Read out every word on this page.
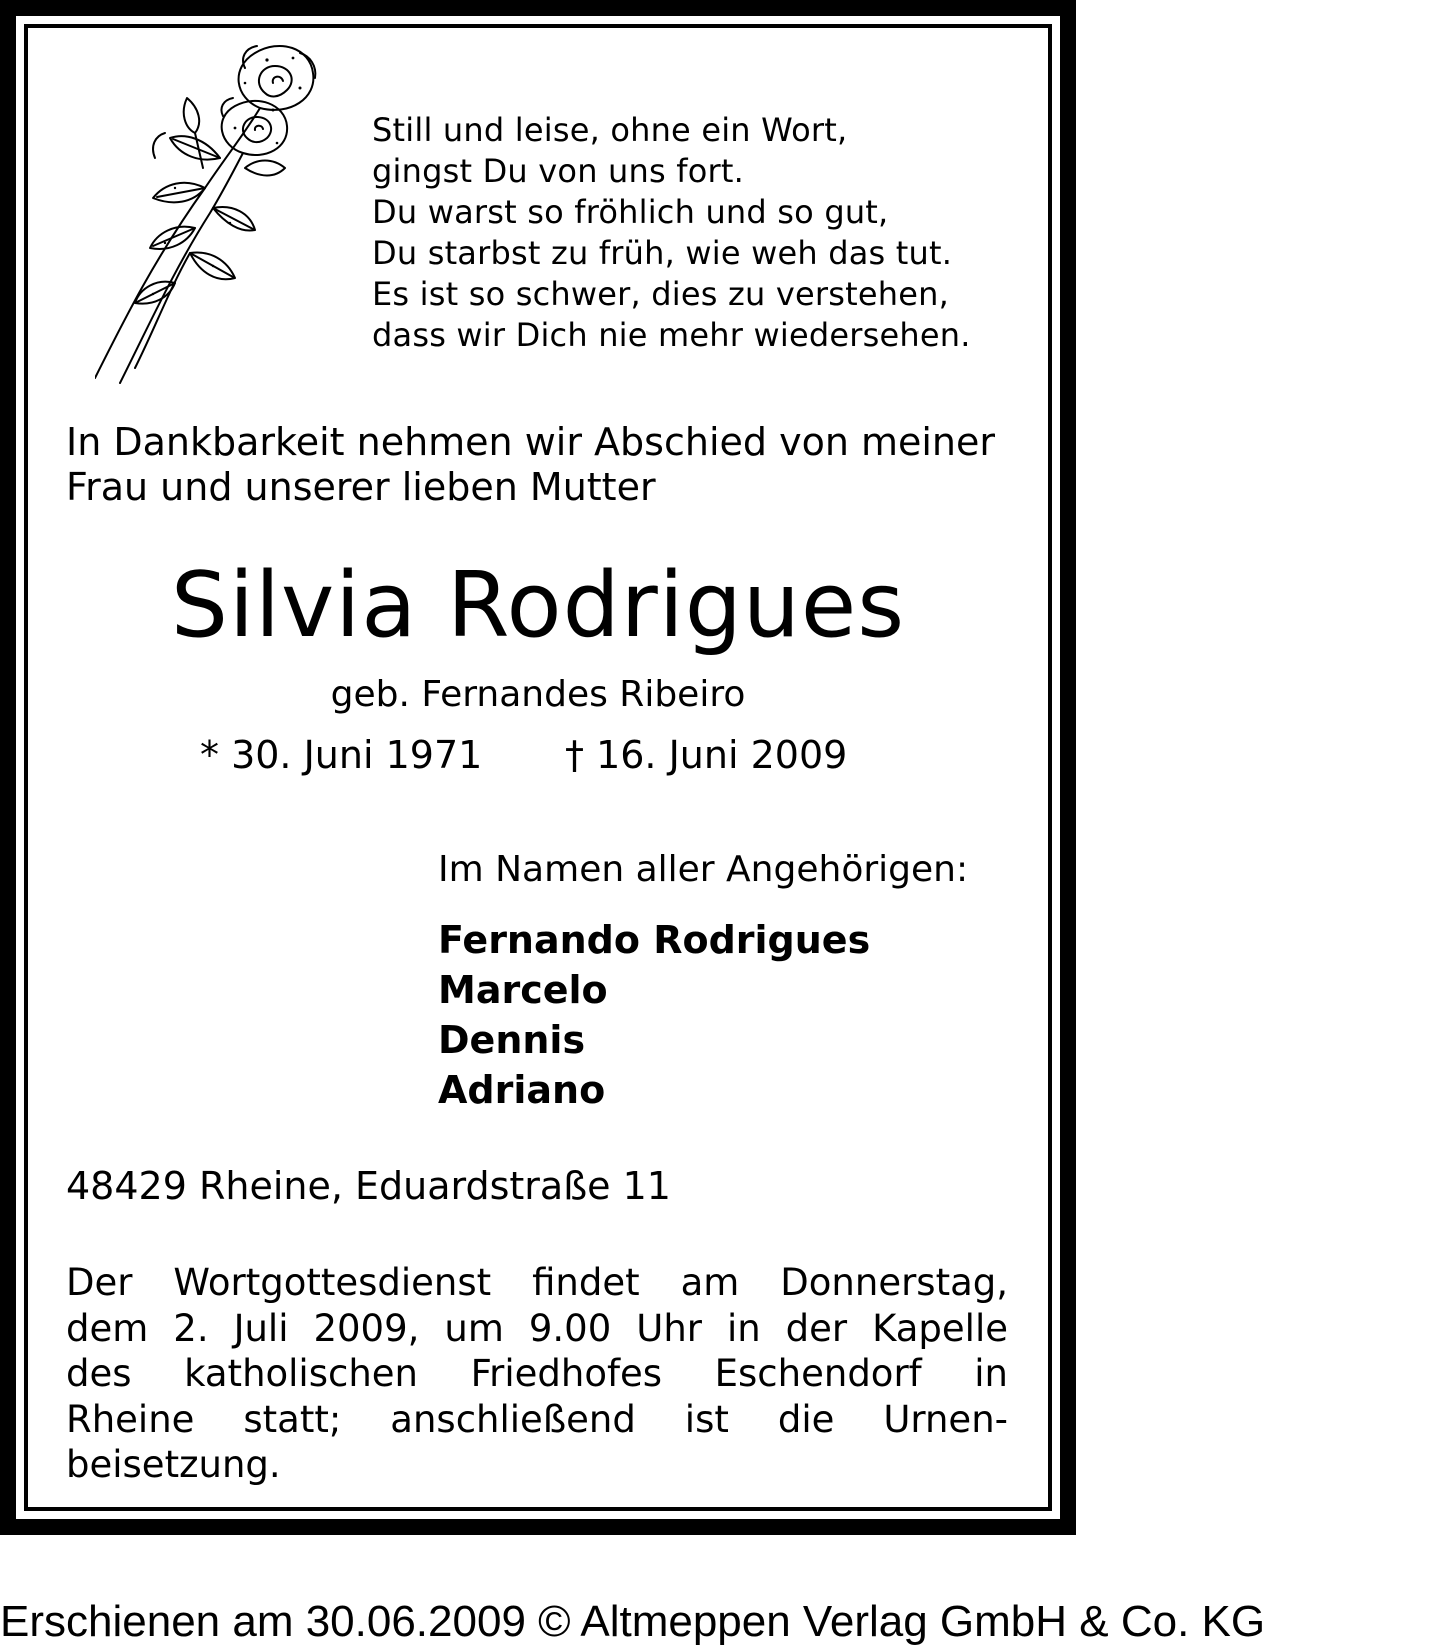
Still und leise, ohne ein Wort,
gingst Du von uns fort.
Du warst so fröhlich und so gut,
Du starbst zu früh, wie weh das tut.
Es ist so schwer, dies zu verstehen,
dass wir Dich nie mehr wiedersehen.
In Dankbarkeit nehmen wir Abschied von meiner
Frau und unserer lieben Mutter
Silvia Rodrigues
geb. Fernandes Ribeiro
* 30. Juni 1971 † 16. Juni 2009
Im Namen aller Angehörigen:
Fernando Rodrigues
Marcelo
Dennis
Adriano
48429 Rheine, Eduardstraße 11
Der Wortgottesdienst findet am Donnerstag,
dem 2. Juli 2009, um 9.00 Uhr in der Kapelle
des katholischen Friedhofes Eschendorf in
Rheine statt; anschließend ist die Urnen-
beisetzung.
Erschienen am 30.06.2009 © Altmeppen Verlag GmbH & Co. KG
